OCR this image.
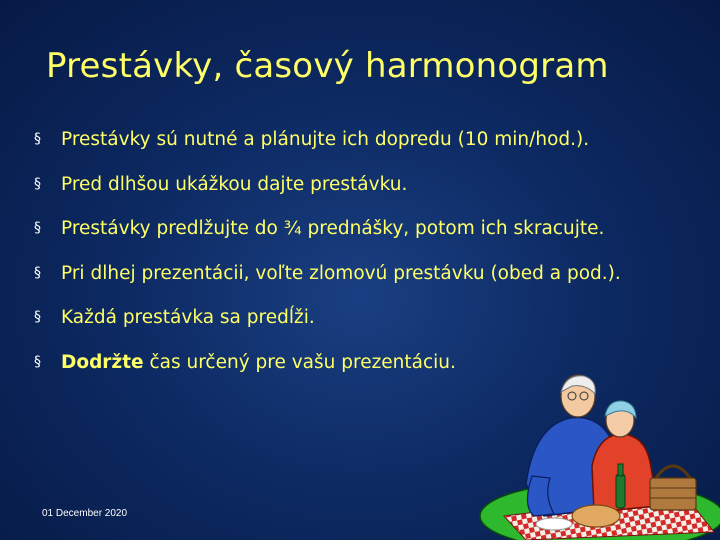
Prestávky, časový harmonogram
§	Prestávky sú nutné a plánujte ich dopredu (10 min/hod.).
§	Pred dlhšou ukážkou dajte prestávku.
§	Prestávky predlžujte do ¾ prednášky, potom ich skracujte.
§	Pri dlhej prezentácii, voľte zlomovú prestávku (obed a pod.).
§	Každá prestávka sa predĺži.
§	Dodržte čas určený pre vašu prezentáciu.
01 December 2020
